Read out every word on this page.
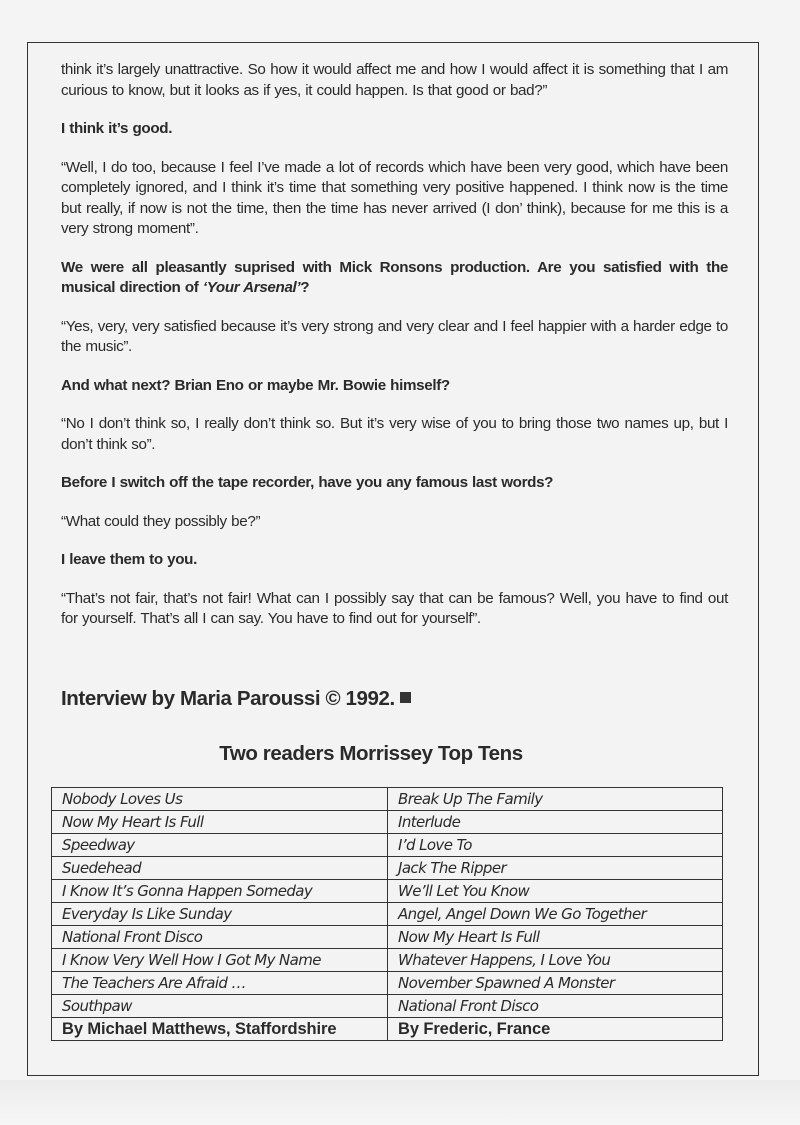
think it’s largely unattractive. So how it would affect me and how I would affect it is something that I am curious to know, but it looks as if yes, it could happen. Is that good or bad?”

I think it’s good.

“Well, I do too, because I feel I’ve made a lot of records which have been very good, which have been completely ignored, and I think it’s time that something very positive happened. I think now is the time but really, if now is not the time, then the time has never arrived (I don’ think), because for me this is a very strong moment”.

We were all pleasantly suprised with Mick Ronsons production. Are you satisfied with the musical direction of ‘Your Arsenal’?

“Yes, very, very satisfied because it’s very strong and very clear and I feel happier with a harder edge to the music”.

And what next? Brian Eno or maybe Mr. Bowie himself?

“No I don’t think so, I really don’t think so. But it’s very wise of you to bring those two names up, but I don’t think so”.

Before I switch off the tape recorder, have you any famous last words?

“What could they possibly be?”

I leave them to you.

“That’s not fair, that’s not fair! What can I possibly say that can be famous? Well, you have to find out for yourself. That’s all I can say. You have to find out for yourself”.

Interview by Maria Paroussi © 1992.

Two readers Morrissey Top Tens
Nobody Loves Us	Break Up The Family
Now My Heart Is Full	Interlude
Speedway	I’d Love To
Suedehead	Jack The Ripper
I Know It’s Gonna Happen Someday	We’ll Let You Know
Everyday Is Like Sunday	Angel, Angel Down We Go Together
National Front Disco	Now My Heart Is Full
I Know Very Well How I Got My Name	Whatever Happens, I Love You
The Teachers Are Afraid …	November Spawned A Monster
Southpaw	National Front Disco
By Michael Matthews, Staffordshire	By Frederic, France
